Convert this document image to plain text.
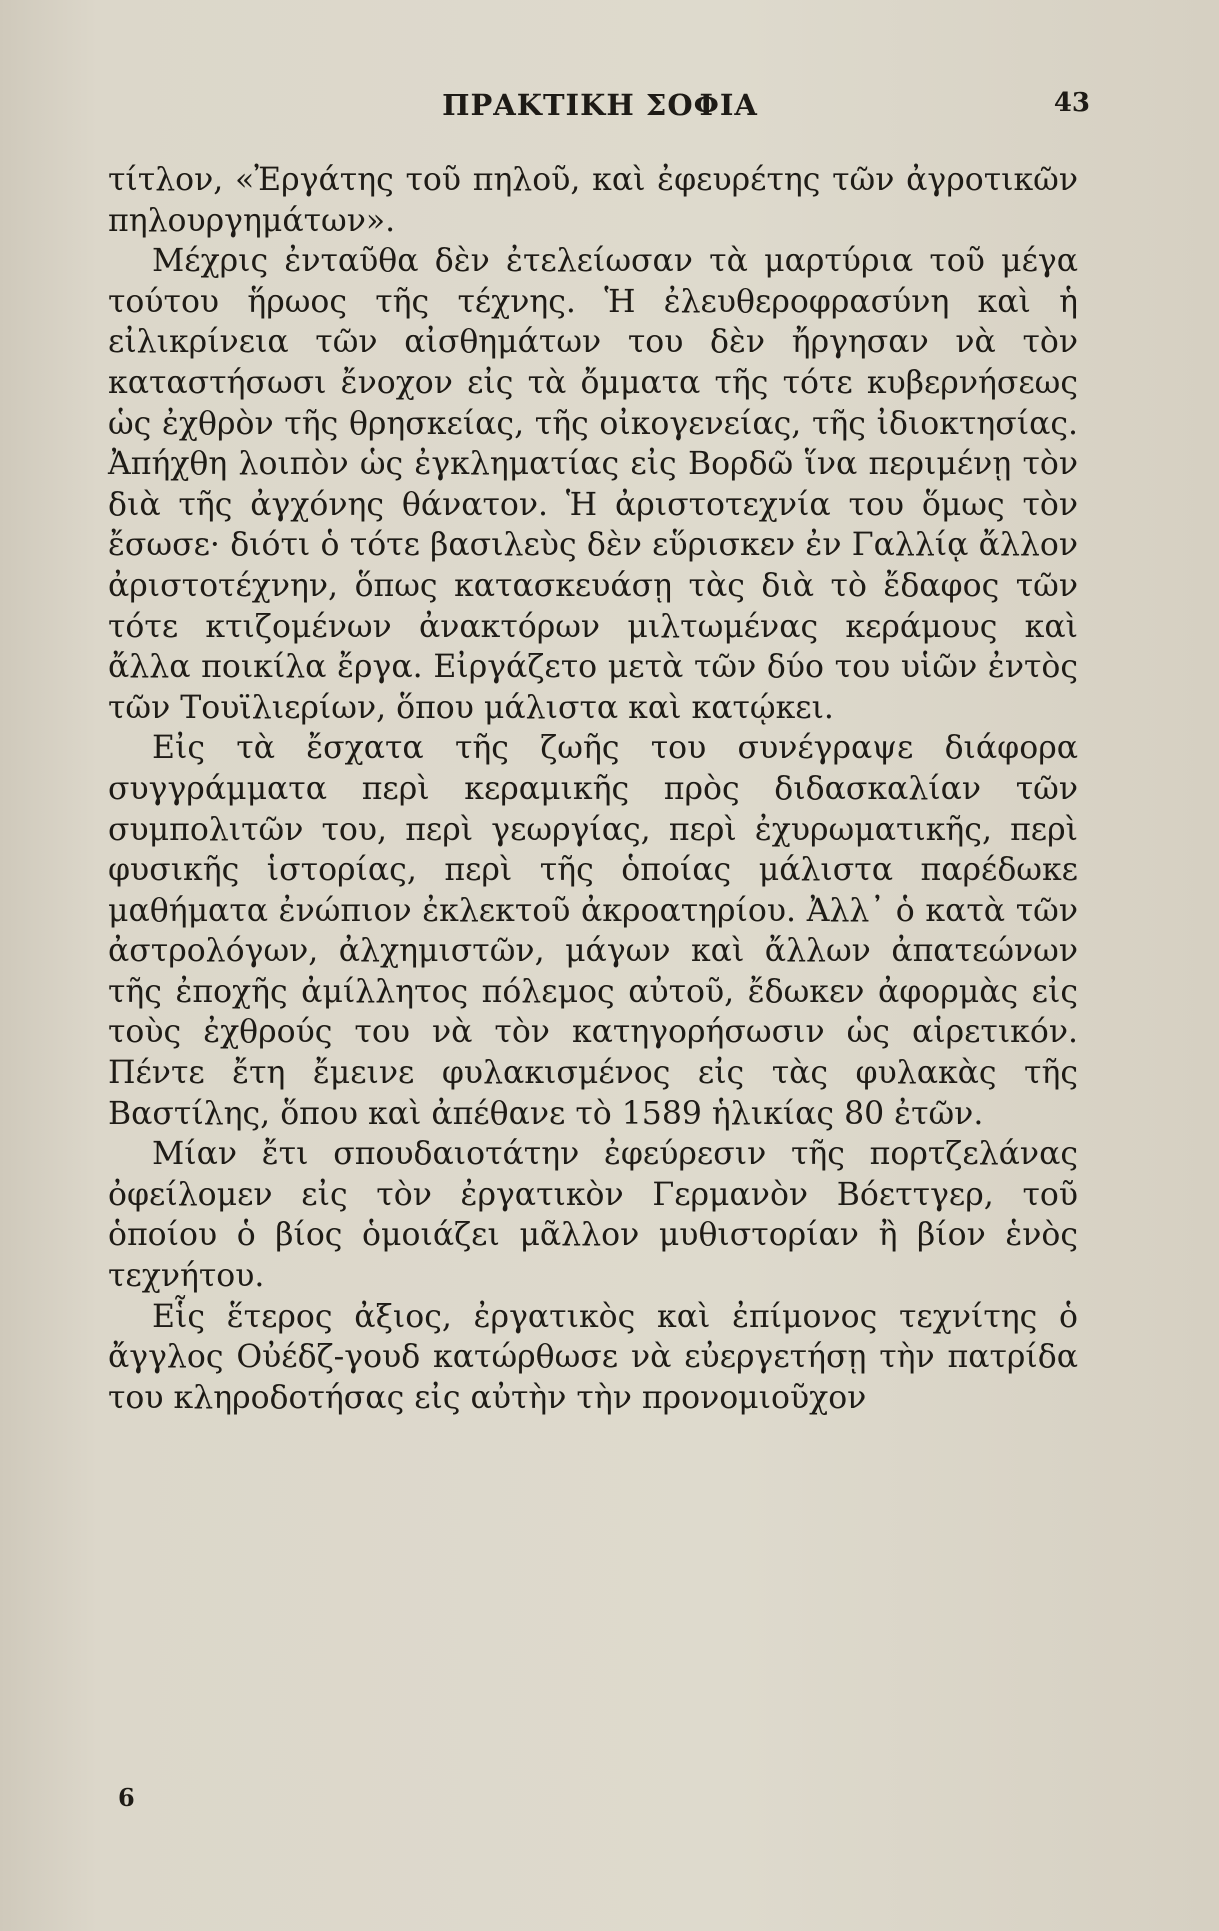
ΠΡΑΚΤΙΚΗ ΣΟΦΙΑ	43

τίτλον, «Ἐργάτης τοῦ πηλοῦ, καὶ ἐφευρέτης τῶν ἀγροτικῶν πηλουργημάτων».

Μέχρις ἐνταῦθα δὲν ἐτελείωσαν τὰ μαρτύρια τοῦ μέγα τούτου ἥρωος τῆς τέχνης. Ἡ ἐλευθεροφρασύνη καὶ ἡ εἰλικρίνεια τῶν αἰσθημάτων του δὲν ἤργησαν νὰ τὸν καταστήσωσι ἔνοχον εἰς τὰ ὄμματα τῆς τότε κυβερνήσεως ὡς ἐχθρὸν τῆς θρησκείας, τῆς οἰκογενείας, τῆς ἰδιοκτησίας. Ἀπήχθη λοιπὸν ὡς ἐγκληματίας εἰς Βορδῶ ἵνα περιμένῃ τὸν διὰ τῆς ἀγχόνης θάνατον. Ἡ ἀριστοτεχνία του ὅμως τὸν ἔσωσε· διότι ὁ τότε βασιλεὺς δὲν εὕρισκεν ἐν Γαλλίᾳ ἄλλον ἀριστοτέχνην, ὅπως κατασκευάσῃ τὰς διὰ τὸ ἔδαφος τῶν τότε κτιζομένων ἀνακτόρων μιλτωμένας κεράμους καὶ ἄλλα ποικίλα ἔργα. Εἰργάζετο μετὰ τῶν δύο του υἱῶν ἐντὸς τῶν Τουϊλιερίων, ὅπου μάλιστα καὶ κατῴκει.

Εἰς τὰ ἔσχατα τῆς ζωῆς του συνέγραψε διάφορα συγγράμματα περὶ κεραμικῆς πρὸς διδασκαλίαν τῶν συμπολιτῶν του, περὶ γεωργίας, περὶ ἐχυρωματικῆς, περὶ φυσικῆς ἱστορίας, περὶ τῆς ὁποίας μάλιστα παρέδωκε μαθήματα ἐνώπιον ἐκλεκτοῦ ἀκροατηρίου. Ἀλλ᾽ ὁ κατὰ τῶν ἀστρολόγων, ἀλχημιστῶν, μάγων καὶ ἄλλων ἀπατεώνων τῆς ἐποχῆς ἀμίλλητος πόλεμος αὐτοῦ, ἔδωκεν ἀφορμὰς εἰς τοὺς ἐχθρούς του νὰ τὸν κατηγορήσωσιν ὡς αἱρετικόν. Πέντε ἔτη ἔμεινε φυλακισμένος εἰς τὰς φυλακὰς τῆς Βαστίλης, ὅπου καὶ ἀπέθανε τὸ 1589 ἡλικίας 80 ἐτῶν.

Μίαν ἔτι σπουδαιοτάτην ἐφεύρεσιν τῆς πορτζελάνας ὀφείλομεν εἰς τὸν ἐργατικὸν Γερμανὸν Βόεττγερ, τοῦ ὁποίου ὁ βίος ὁμοιάζει μᾶλλον μυθιστορίαν ἢ βίον ἑνὸς τεχνήτου.

Εἷς ἕτερος ἀξιος, ἐργατικὸς καὶ ἐπίμονος τεχνίτης ὁ ἄγγλος Οὐέδζ-γουδ κατώρθωσε νὰ εὐεργετήσῃ τὴν πατρίδα του κληροδοτήσας εἰς αὐτὴν τὴν προνομιοῦχον

6
